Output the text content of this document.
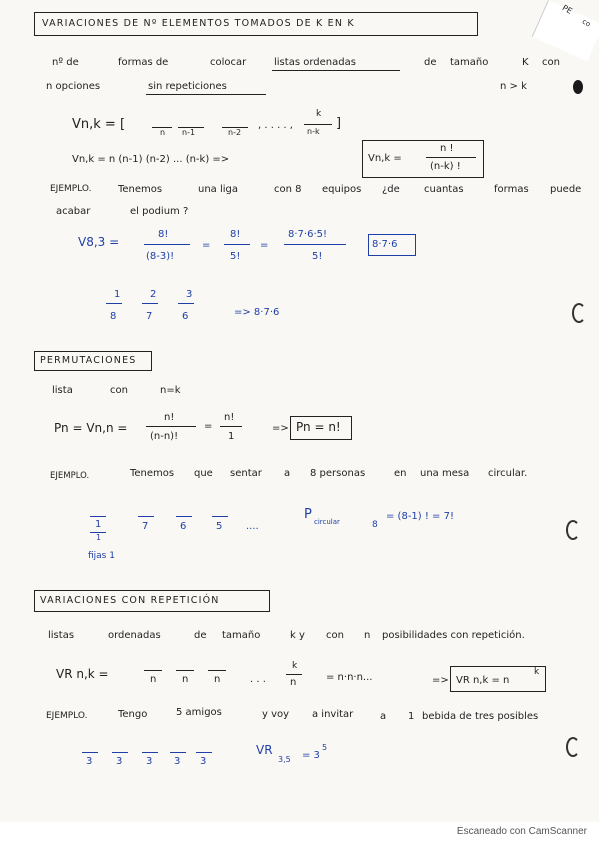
PE
co
VARIACIONES DE Nº ELEMENTOS TOMADOS DE K EN K
nº de	formas de	colocar	listas ordenadas	de tamaño	K con
n opciones	sin repeticiones	n > k
Vn,k = [
n n-1	n-2
, . . . . ,
k
n-k
]
Vn,k = n (n-1) (n-2) ... (n-k) =>	Vn,k =
n !
(n-k) !
EJEMPLO.	Tenemos	una liga	con 8 equipos ¿de cuantas	formas puede
acabar	el podium ?
V8,3 =
8!
(8-3)!
=
8!
5!
=
8·7·6·5!
5!
8·7·6
1
8
2
7
3
6	=> 8·7·6
PERMUTACIONES
lista	con	n=k
Pn = Vn,n =
n!
(n-n)!
=
n!
1
=> Pn = n!
EJEMPLO.	Tenemos que sentar a 8 personas	en una mesa circular.
1
1
7	6	5 ....
fijas 1
P circular	8
= (8-1) ! = 7!
VARIACIONES CON REPETICIÓN
listas	ordenadas	de tamaño	k y con n posibilidades con repetición.
VR n,k =	n	n	n	. . .
k
n	= n·n·n...	=> VR n,k = n
k
EJEMPLO.	Tengo	5 amigos	y voy a invitar	a 1 bebida de tres posibles
3 3 3 3 3
VR
3,5 = 3
5
Escaneado con CamScanner
